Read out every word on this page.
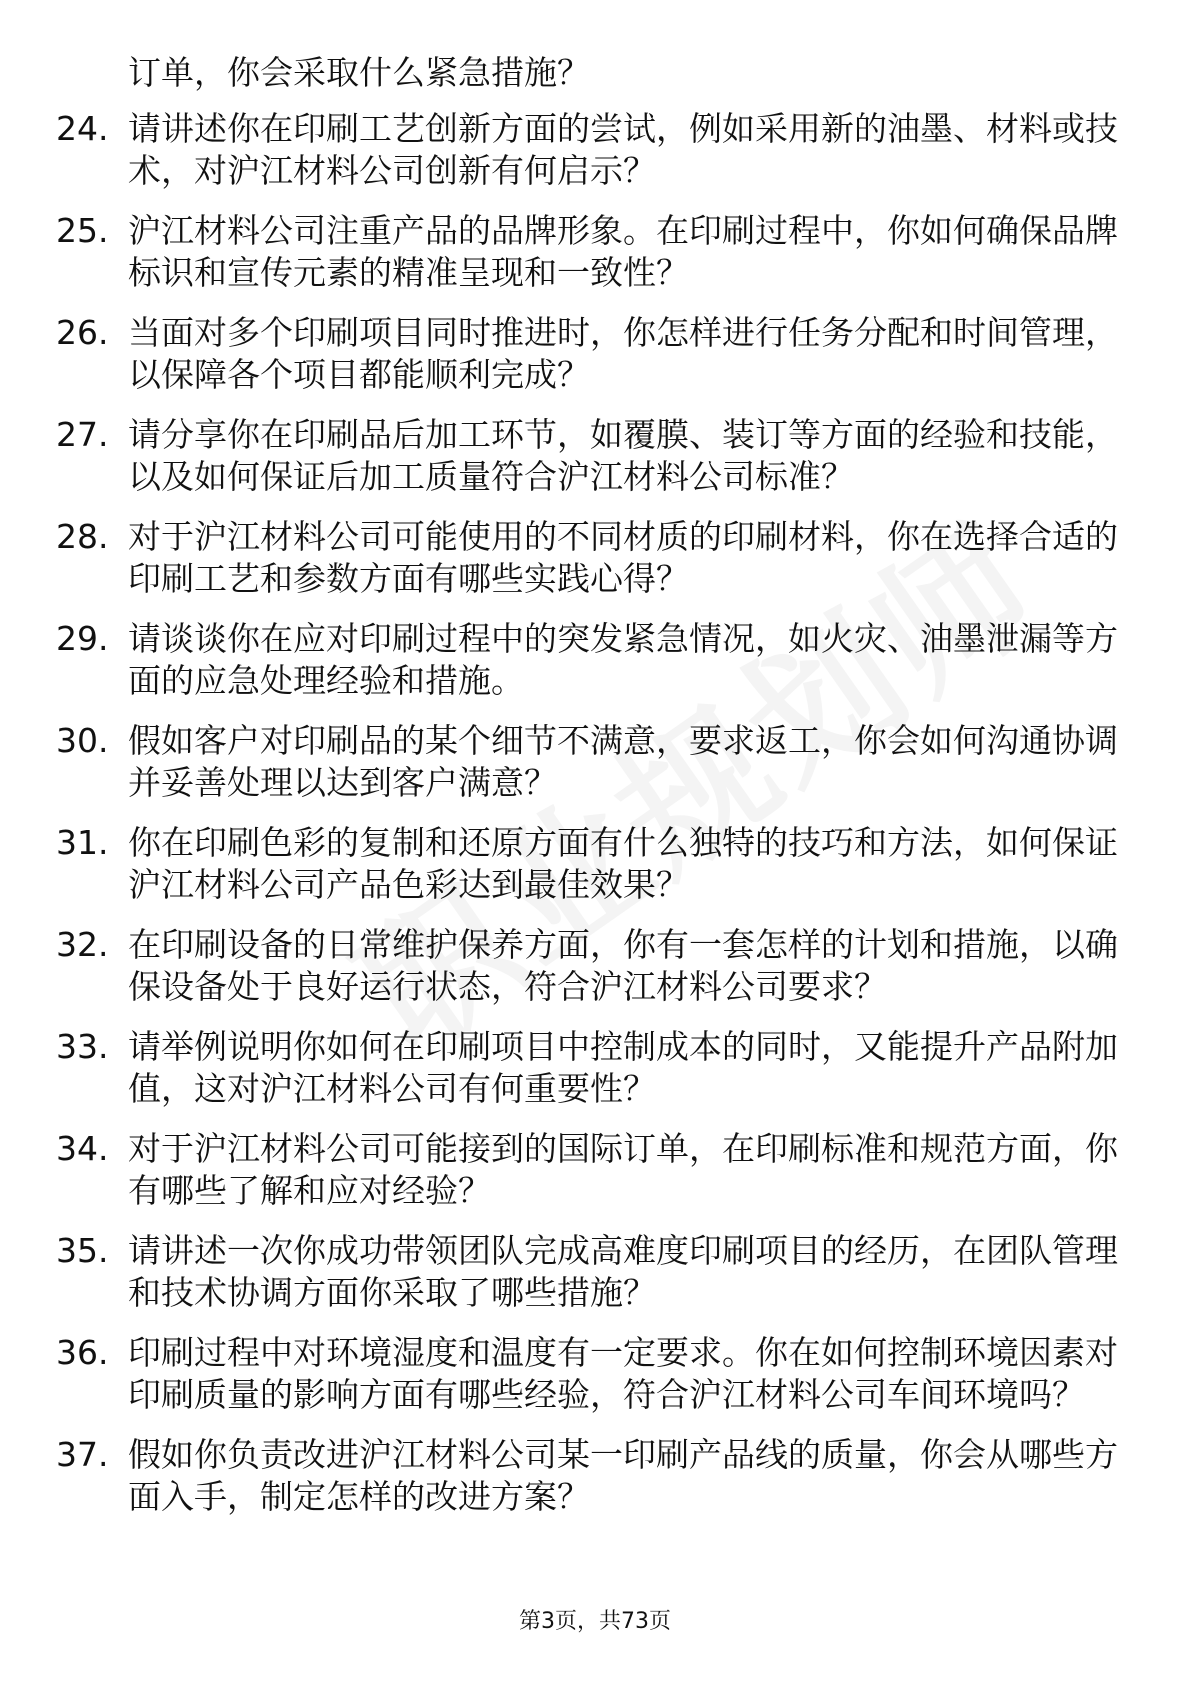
订单，你会采取什么紧急措施？
24. 请讲述你在印刷工艺创新方面的尝试，例如采用新的油墨、材料或技术，对沪江材料公司创新有何启示？
25. 沪江材料公司注重产品的品牌形象。在印刷过程中，你如何确保品牌标识和宣传元素的精准呈现和一致性？
26. 当面对多个印刷项目同时推进时，你怎样进行任务分配和时间管理，以保障各个项目都能顺利完成？
27. 请分享你在印刷品后加工环节，如覆膜、装订等方面的经验和技能，以及如何保证后加工质量符合沪江材料公司标准？
28. 对于沪江材料公司可能使用的不同材质的印刷材料，你在选择合适的印刷工艺和参数方面有哪些实践心得？
29. 请谈谈你在应对印刷过程中的突发紧急情况，如火灾、油墨泄漏等方面的应急处理经验和措施。
30. 假如客户对印刷品的某个细节不满意，要求返工，你会如何沟通协调并妥善处理以达到客户满意？
31. 你在印刷色彩的复制和还原方面有什么独特的技巧和方法，如何保证沪江材料公司产品色彩达到最佳效果？
32. 在印刷设备的日常维护保养方面，你有一套怎样的计划和措施，以确保设备处于良好运行状态，符合沪江材料公司要求？
33. 请举例说明你如何在印刷项目中控制成本的同时，又能提升产品附加值，这对沪江材料公司有何重要性？
34. 对于沪江材料公司可能接到的国际订单，在印刷标准和规范方面，你有哪些了解和应对经验？
35. 请讲述一次你成功带领团队完成高难度印刷项目的经历，在团队管理和技术协调方面你采取了哪些措施？
36. 印刷过程中对环境湿度和温度有一定要求。你在如何控制环境因素对印刷质量的影响方面有哪些经验，符合沪江材料公司车间环境吗？
37. 假如你负责改进沪江材料公司某一印刷产品线的质量，你会从哪些方面入手，制定怎样的改进方案？
第3页，共73页
